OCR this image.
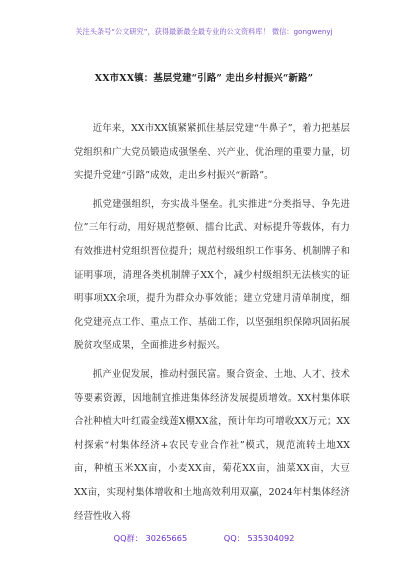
关注头条号“公文研究”，获得最新最全最专业的公文资料库！ 微信：gongwenyj
XX市XX镇：基层党建“引路” 走出乡村振兴“新路”

近年来，XX市XX镇紧紧抓住基层党建“牛鼻子”，着力把基层党组织和广大党员锻造成强堡垒、兴产业、优治理的重要力量，切实提升党建“引路”成效，走出乡村振兴“新路”。

抓党建强组织，夯实战斗堡垒。扎实推进“分类指导、争先进位”三年行动，用好规范整顿、擂台比武、对标提升等载体，有力有效推进村党组织晋位提升；规范村级组织工作事务、机制牌子和证明事项，清理各类机制牌子XX个，减少村级组织无法核实的证明事项XX余项，提升为群众办事效能；建立党建月清单制度，细化党建亮点工作、重点工作、基础工作，以坚强组织保障巩固拓展脱贫攻坚成果，全面推进乡村振兴。

抓产业促发展，推动村强民富。聚合资金、土地、人才、技术等要素资源，因地制宜推进集体经济发展提质增效。XX村集体联合社种植大叶红霞金线莲X棚XX盆，预计年均可增收XX万元；XX村探索“村集体经济+农民专业合作社”模式，规范流转土地XX亩，种植玉米XX亩，小麦XX亩，菊花XX亩，油菜XX亩，大豆XX亩，实现村集体增收和土地高效利用双赢，2024年村集体经济经营性收入将

QQ群： 30265665	QQ： 535304092
